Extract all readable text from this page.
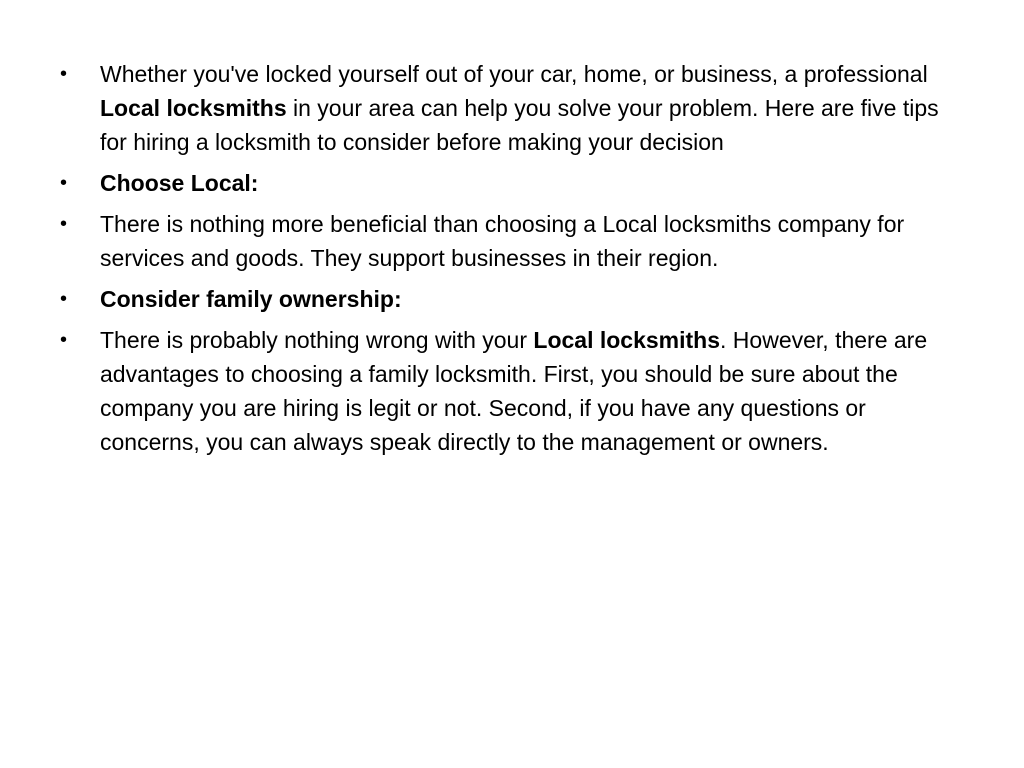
•	Whether you've locked yourself out of your car, home, or business, a professional Local locksmiths in your area can help you solve your problem. Here are five tips for hiring a locksmith to consider before making your decision
•	Choose Local:
•	There is nothing more beneficial than choosing a Local locksmiths company for services and goods. They support businesses in their region.
•	Consider family ownership:
•	There is probably nothing wrong with your Local locksmiths. However, there are advantages to choosing a family locksmith. First, you should be sure about the company you are hiring is legit or not. Second, if you have any questions or concerns, you can always speak directly to the management or owners.
